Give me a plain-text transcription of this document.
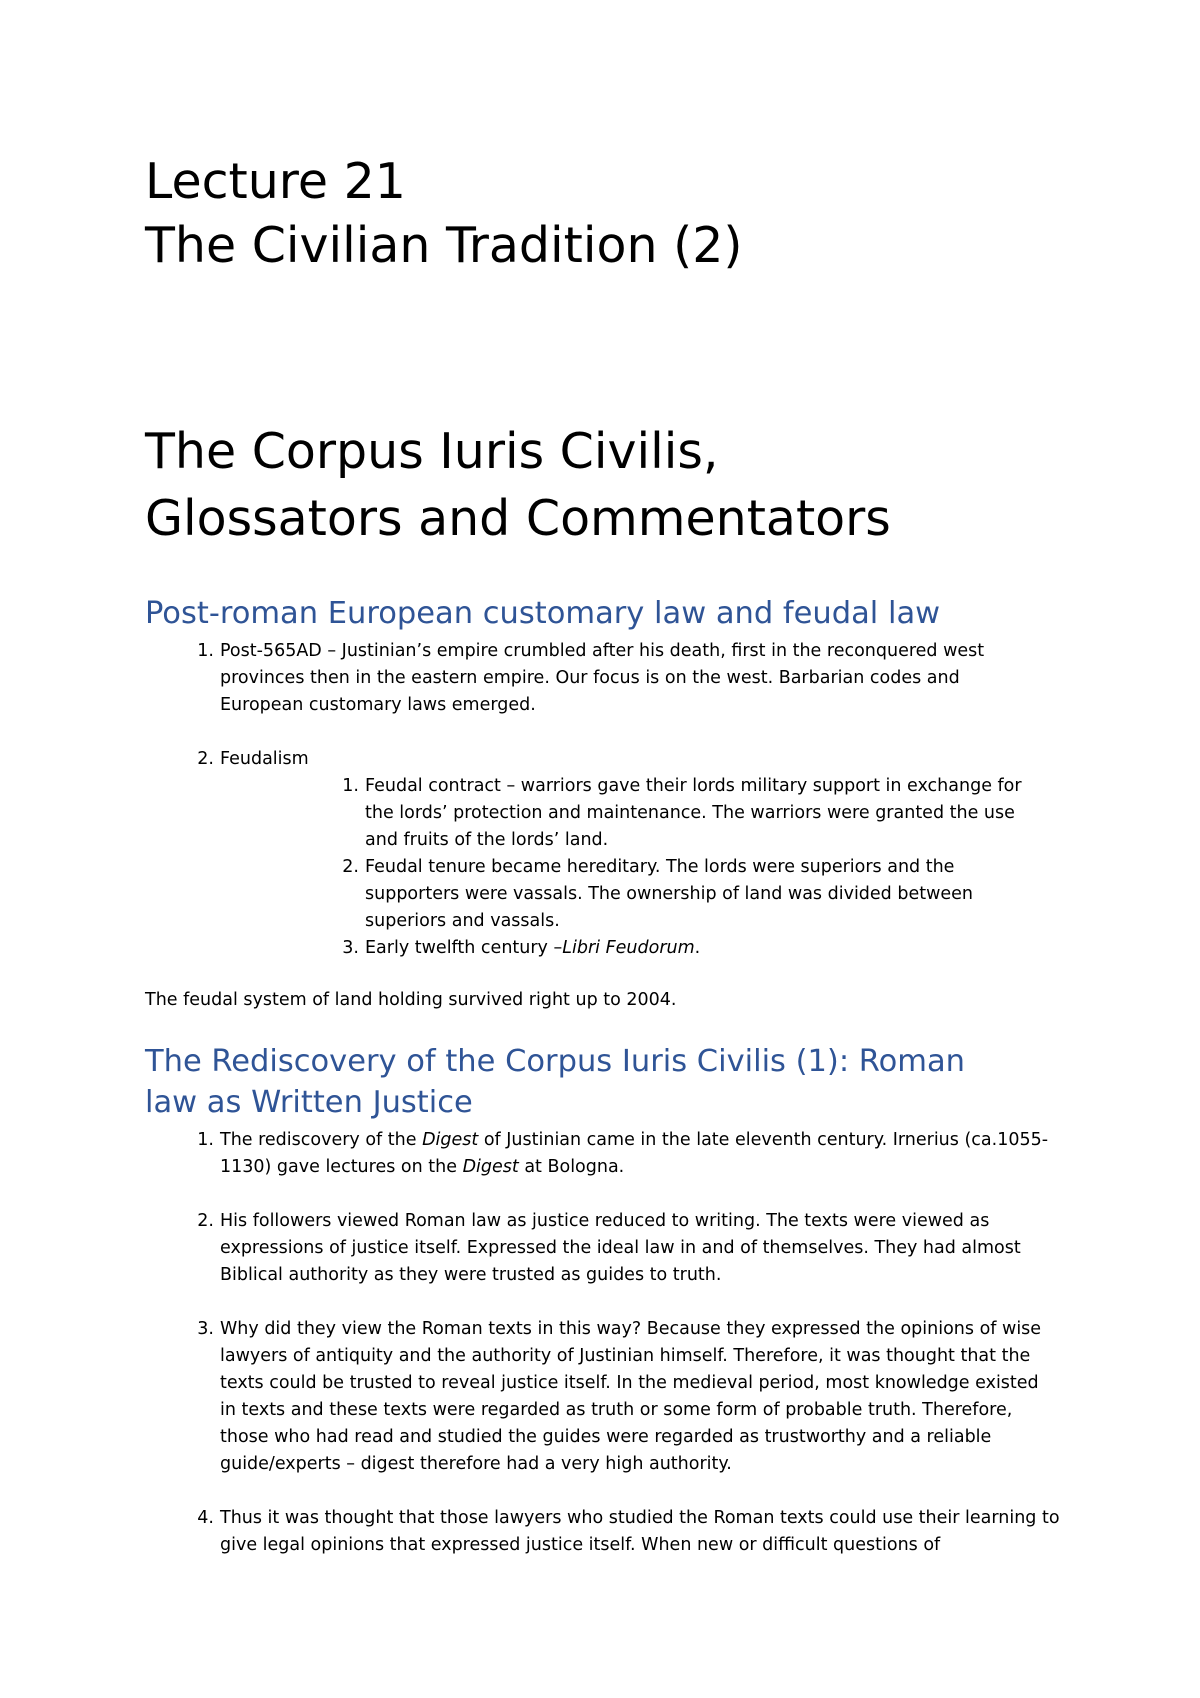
Lecture 21
The Civilian Tradition (2)
The Corpus Iuris Civilis,
Glossators and Commentators
Post-roman European customary law and feudal law
1. Post-565AD – Justinian’s empire crumbled after his death, first in the reconquered west provinces then in the eastern empire. Our focus is on the west. Barbarian codes and European customary laws emerged.
2. Feudalism
1. Feudal contract – warriors gave their lords military support in exchange for the lords’ protection and maintenance. The warriors were granted the use and fruits of the lords’ land.
2. Feudal tenure became hereditary. The lords were superiors and the supporters were vassals. The ownership of land was divided between superiors and vassals.
3. Early twelfth century –Libri Feudorum.

The feudal system of land holding survived right up to 2004.

The Rediscovery of the Corpus Iuris Civilis (1): Roman
law as Written Justice
1. The rediscovery of the Digest of Justinian came in the late eleventh century. Irnerius (ca.1055-1130) gave lectures on the Digest at Bologna.
2. His followers viewed Roman law as justice reduced to writing. The texts were viewed as expressions of justice itself. Expressed the ideal law in and of themselves. They had almost Biblical authority as they were trusted as guides to truth.
3. Why did they view the Roman texts in this way? Because they expressed the opinions of wise lawyers of antiquity and the authority of Justinian himself. Therefore, it was thought that the texts could be trusted to reveal justice itself. In the medieval period, most knowledge existed in texts and these texts were regarded as truth or some form of probable truth. Therefore, those who had read and studied the guides were regarded as trustworthy and a reliable guide/experts – digest therefore had a very high authority.
4. Thus it was thought that those lawyers who studied the Roman texts could use their learning to give legal opinions that expressed justice itself. When new or difficult questions of
